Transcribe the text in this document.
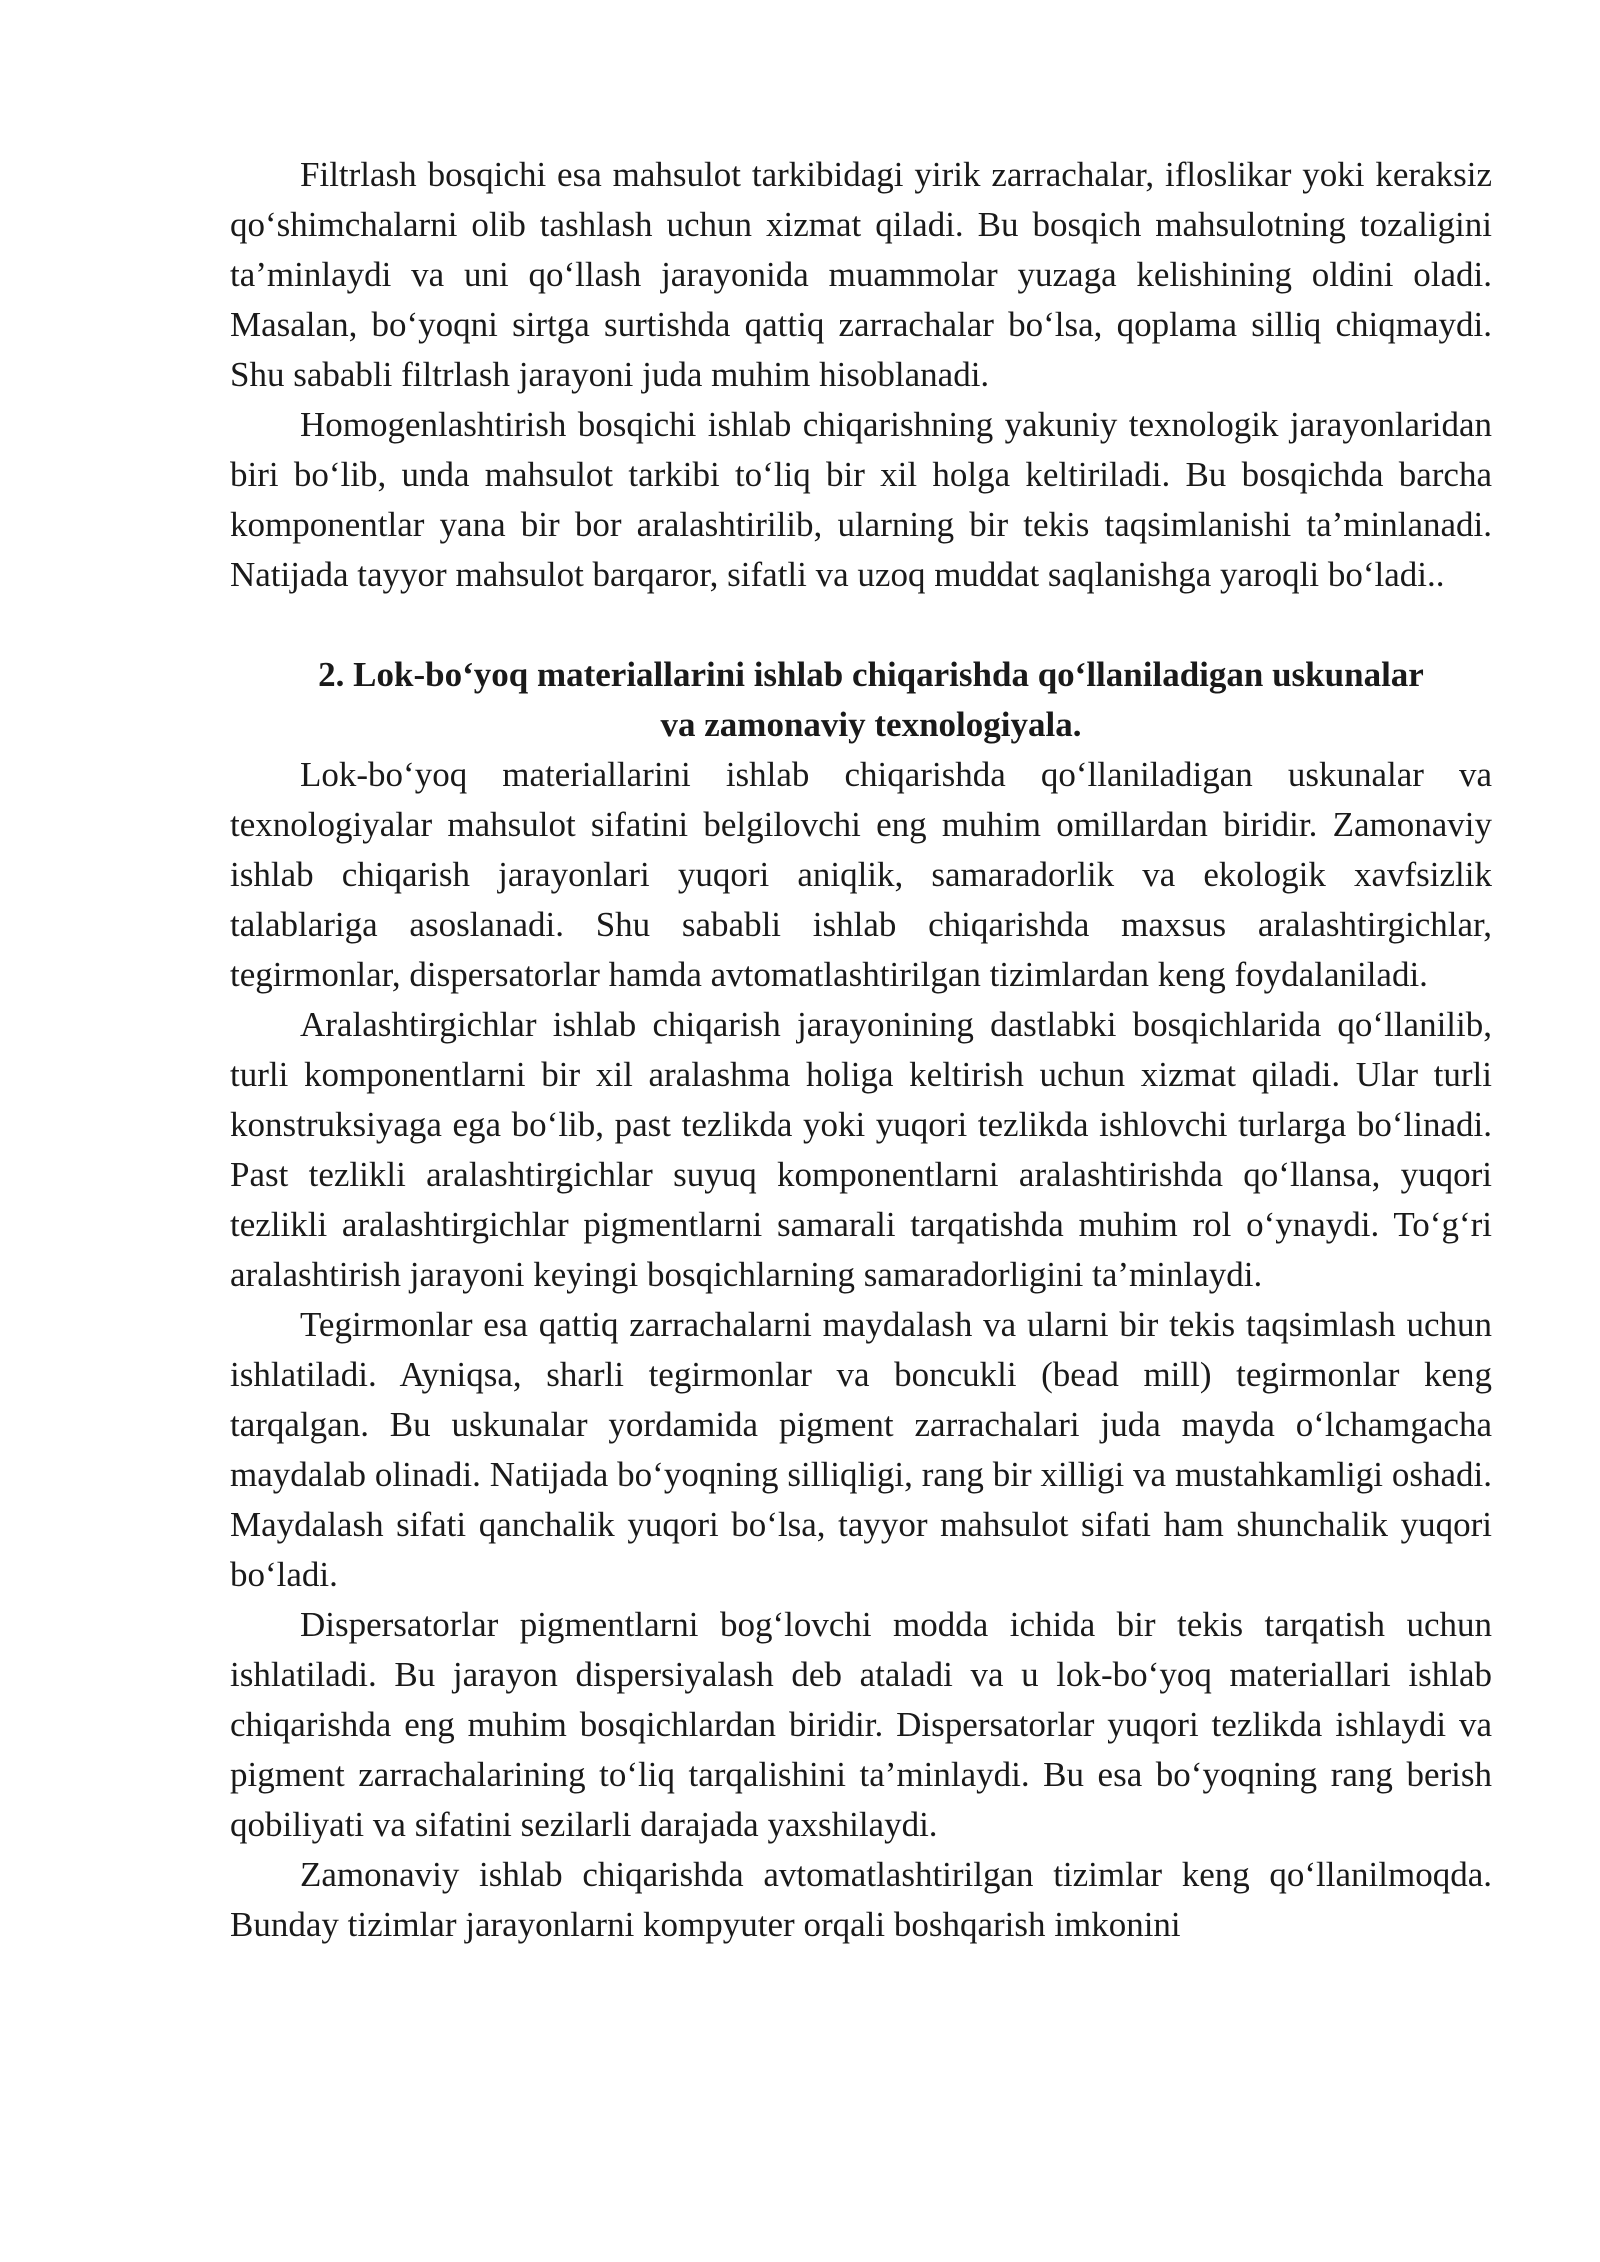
Filtrlash bosqichi esa mahsulot tarkibidagi yirik zarrachalar, ifloslikar yoki keraksiz qo‘shimchalarni olib tashlash uchun xizmat qiladi. Bu bosqich mahsulotning tozaligini ta’minlaydi va uni qo‘llash jarayonida muammolar yuzaga kelishining oldini oladi. Masalan, bo‘yoqni sirtga surtishda qattiq zarrachalar bo‘lsa, qoplama silliq chiqmaydi. Shu sababli filtrlash jarayoni juda muhim hisoblanadi.

Homogenlashtirish bosqichi ishlab chiqarishning yakuniy texnologik jarayonlaridan biri bo‘lib, unda mahsulot tarkibi to‘liq bir xil holga keltiriladi. Bu bosqichda barcha komponentlar yana bir bor aralashtirilib, ularning bir tekis taqsimlanishi ta’minlanadi. Natijada tayyor mahsulot barqaror, sifatli va uzoq muddat saqlanishga yaroqli bo‘ladi..

2. Lok-bo‘yoq materiallarini ishlab chiqarishda qo‘llaniladigan uskunalar
va zamonaviy texnologiyala.

Lok-bo‘yoq materiallarini ishlab chiqarishda qo‘llaniladigan uskunalar va texnologiyalar mahsulot sifatini belgilovchi eng muhim omillardan biridir. Zamonaviy ishlab chiqarish jarayonlari yuqori aniqlik, samaradorlik va ekologik xavfsizlik talablariga asoslanadi. Shu sababli ishlab chiqarishda maxsus aralashtirgichlar, tegirmonlar, dispersatorlar hamda avtomatlashtirilgan tizimlardan keng foydalaniladi.

Aralashtirgichlar ishlab chiqarish jarayonining dastlabki bosqichlarida qo‘llanilib, turli komponentlarni bir xil aralashma holiga keltirish uchun xizmat qiladi. Ular turli konstruksiyaga ega bo‘lib, past tezlikda yoki yuqori tezlikda ishlovchi turlarga bo‘linadi. Past tezlikli aralashtirgichlar suyuq komponentlarni aralashtirishda qo‘llansa, yuqori tezlikli aralashtirgichlar pigmentlarni samarali tarqatishda muhim rol o‘ynaydi. To‘g‘ri aralashtirish jarayoni keyingi bosqichlarning samaradorligini ta’minlaydi.

Tegirmonlar esa qattiq zarrachalarni maydalash va ularni bir tekis taqsimlash uchun ishlatiladi. Ayniqsa, sharli tegirmonlar va boncukli (bead mill) tegirmonlar keng tarqalgan. Bu uskunalar yordamida pigment zarrachalari juda mayda o‘lchamgacha maydalab olinadi. Natijada bo‘yoqning silliqligi, rang bir xilligi va mustahkamligi oshadi. Maydalash sifati qanchalik yuqori bo‘lsa, tayyor mahsulot sifati ham shunchalik yuqori bo‘ladi.

Dispersatorlar pigmentlarni bog‘lovchi modda ichida bir tekis tarqatish uchun ishlatiladi. Bu jarayon dispersiyalash deb ataladi va u lok-bo‘yoq materiallari ishlab chiqarishda eng muhim bosqichlardan biridir. Dispersatorlar yuqori tezlikda ishlaydi va pigment zarrachalarining to‘liq tarqalishini ta’minlaydi. Bu esa bo‘yoqning rang berish qobiliyati va sifatini sezilarli darajada yaxshilaydi.

Zamonaviy ishlab chiqarishda avtomatlashtirilgan tizimlar keng qo‘llanilmoqda. Bunday tizimlar jarayonlarni kompyuter orqali boshqarish imkonini
